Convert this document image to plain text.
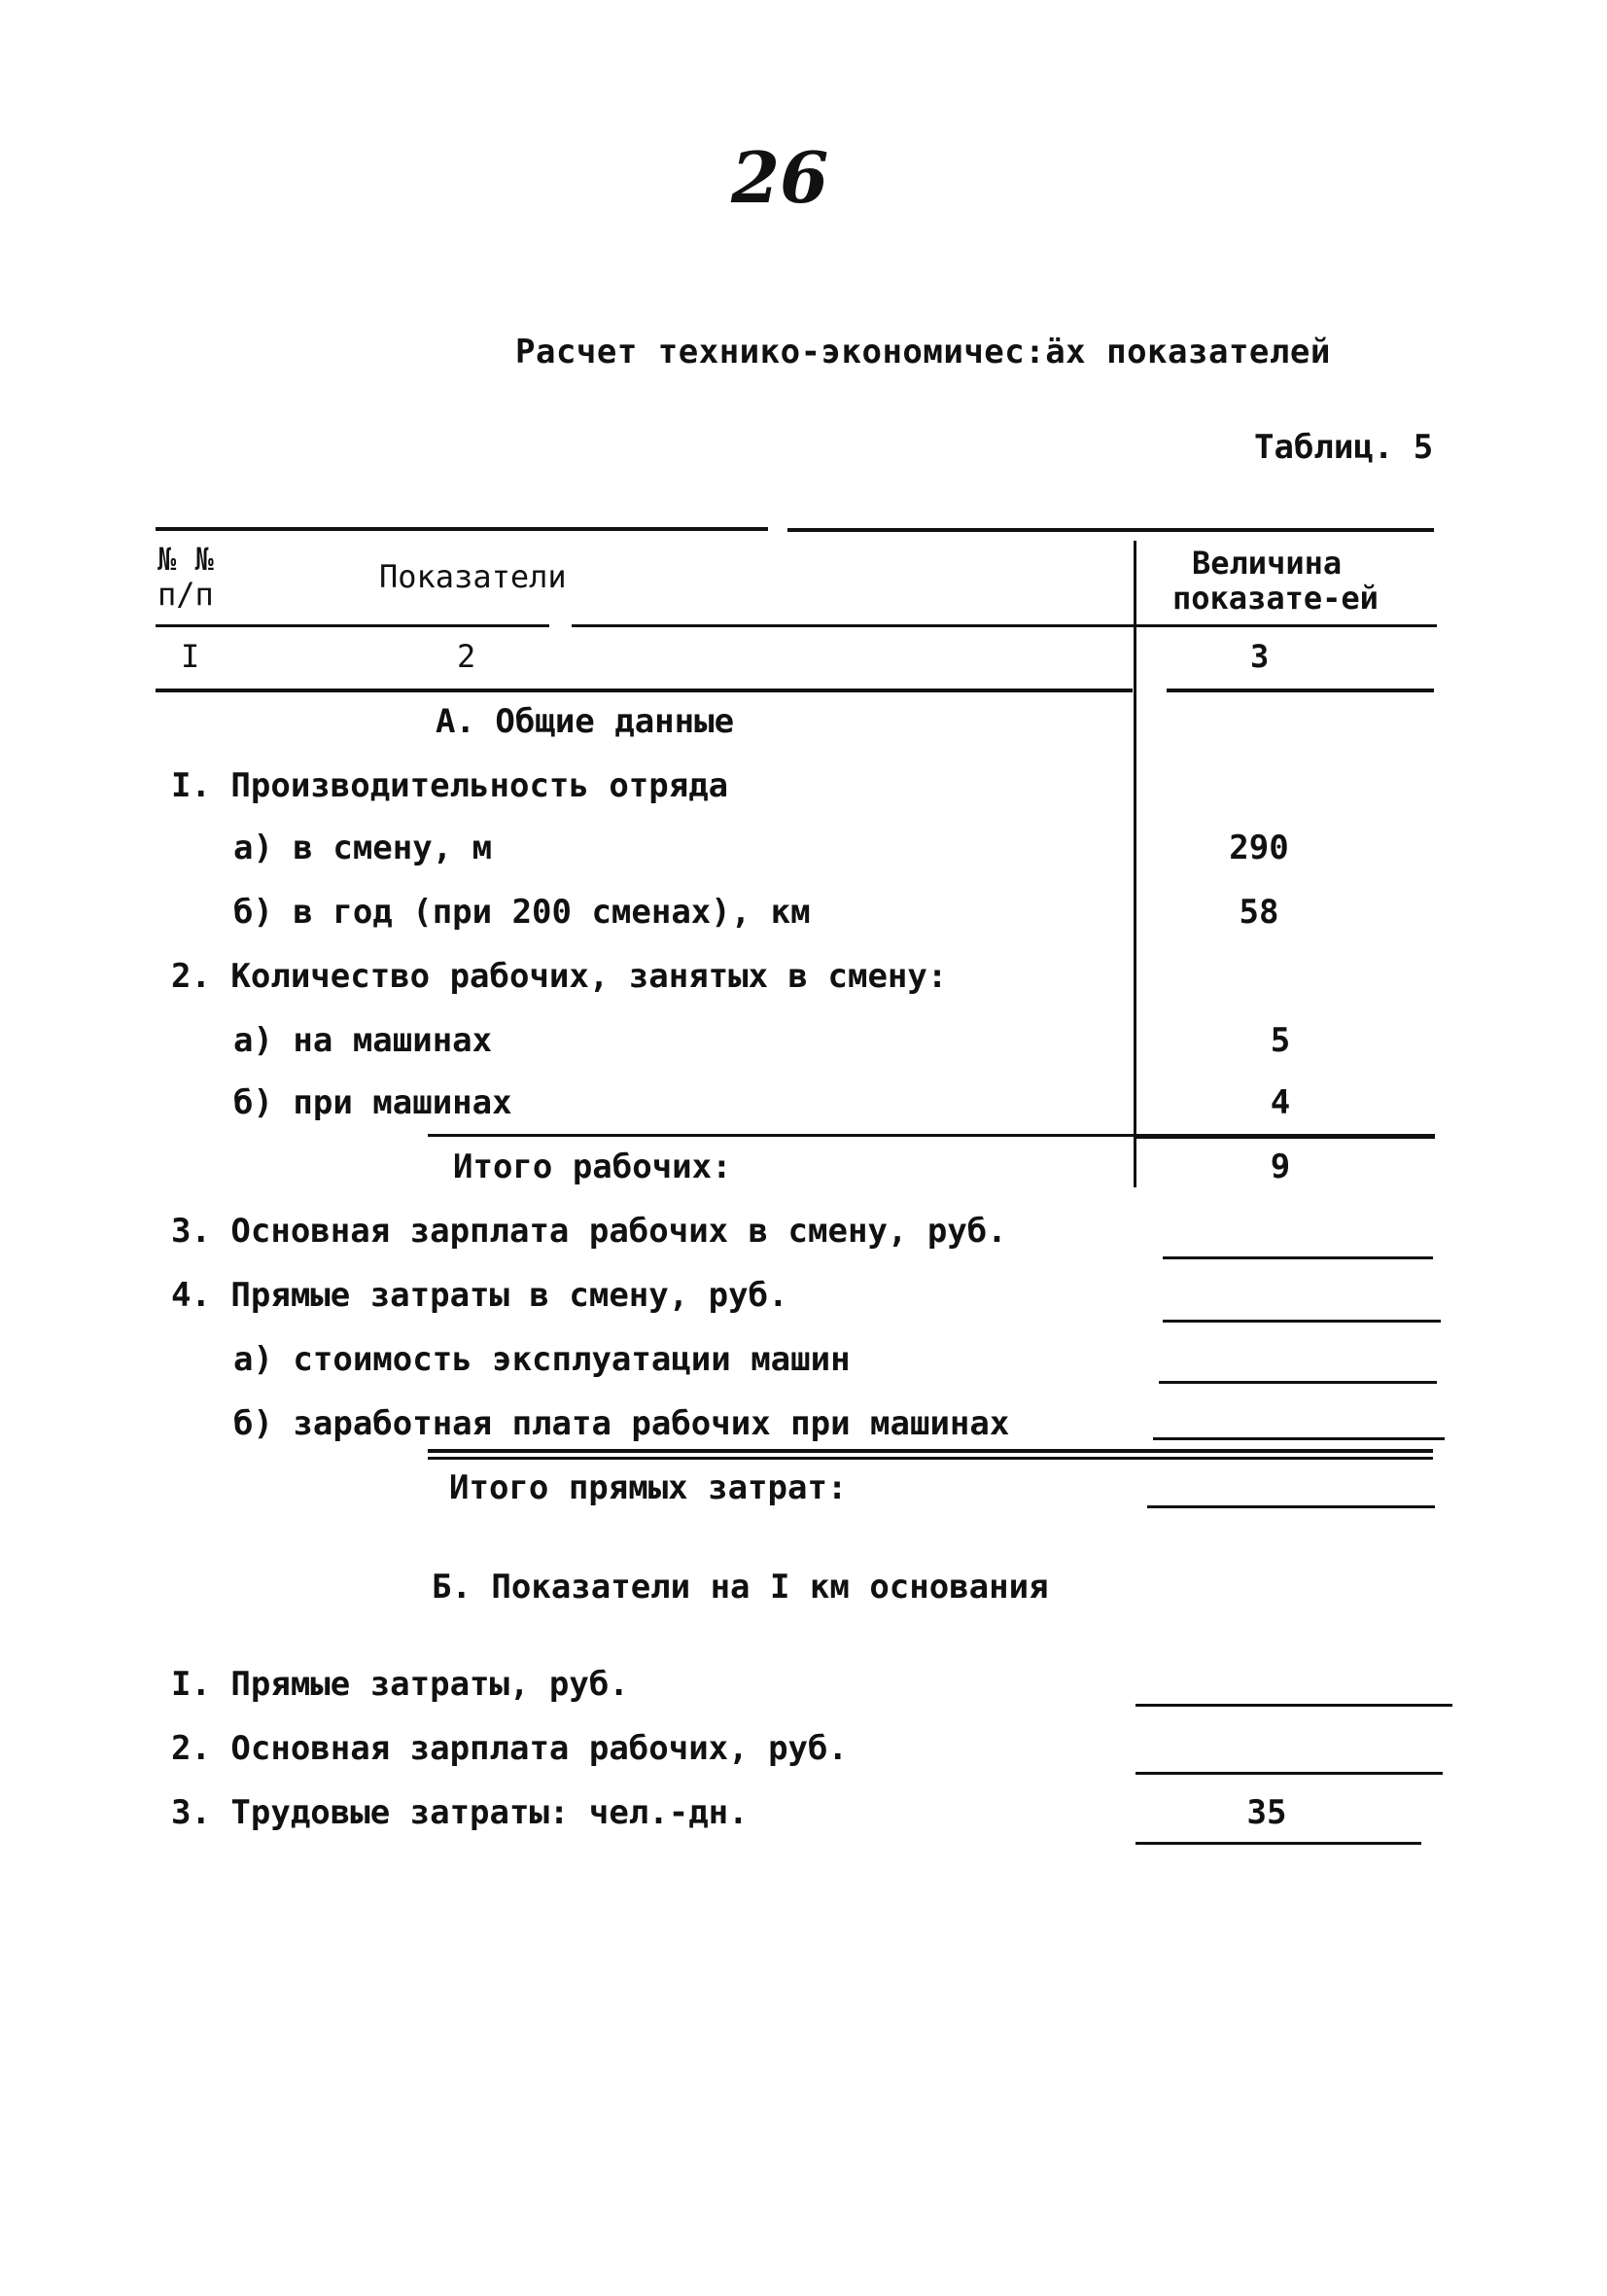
26
Расчет технико-экономичес:̈ах показателей
Таблиц. 5
№ №
п/п	Показатели	Величина
показате-ей
I	2	3
А. Общие данные
I. Производительность отряда
а) в смену, м	290
б) в год (при 200 сменах), км	58
2. Количество рабочих, занятых в смену:
а) на машинах	5
б) при машинах	4
Итого рабочих:	9
3. Основная зарплата рабочих в смену, руб.
4. Прямые затраты в смену, руб.
а) стоимость эксплуатации машин
б) заработная плата рабочих при машинах
Итого прямых затрат:
Б. Показатели на I км основания
I. Прямые затраты, руб.
2. Основная зарплата рабочих, руб.
3. Трудовые затраты: чел.-дн.	35
